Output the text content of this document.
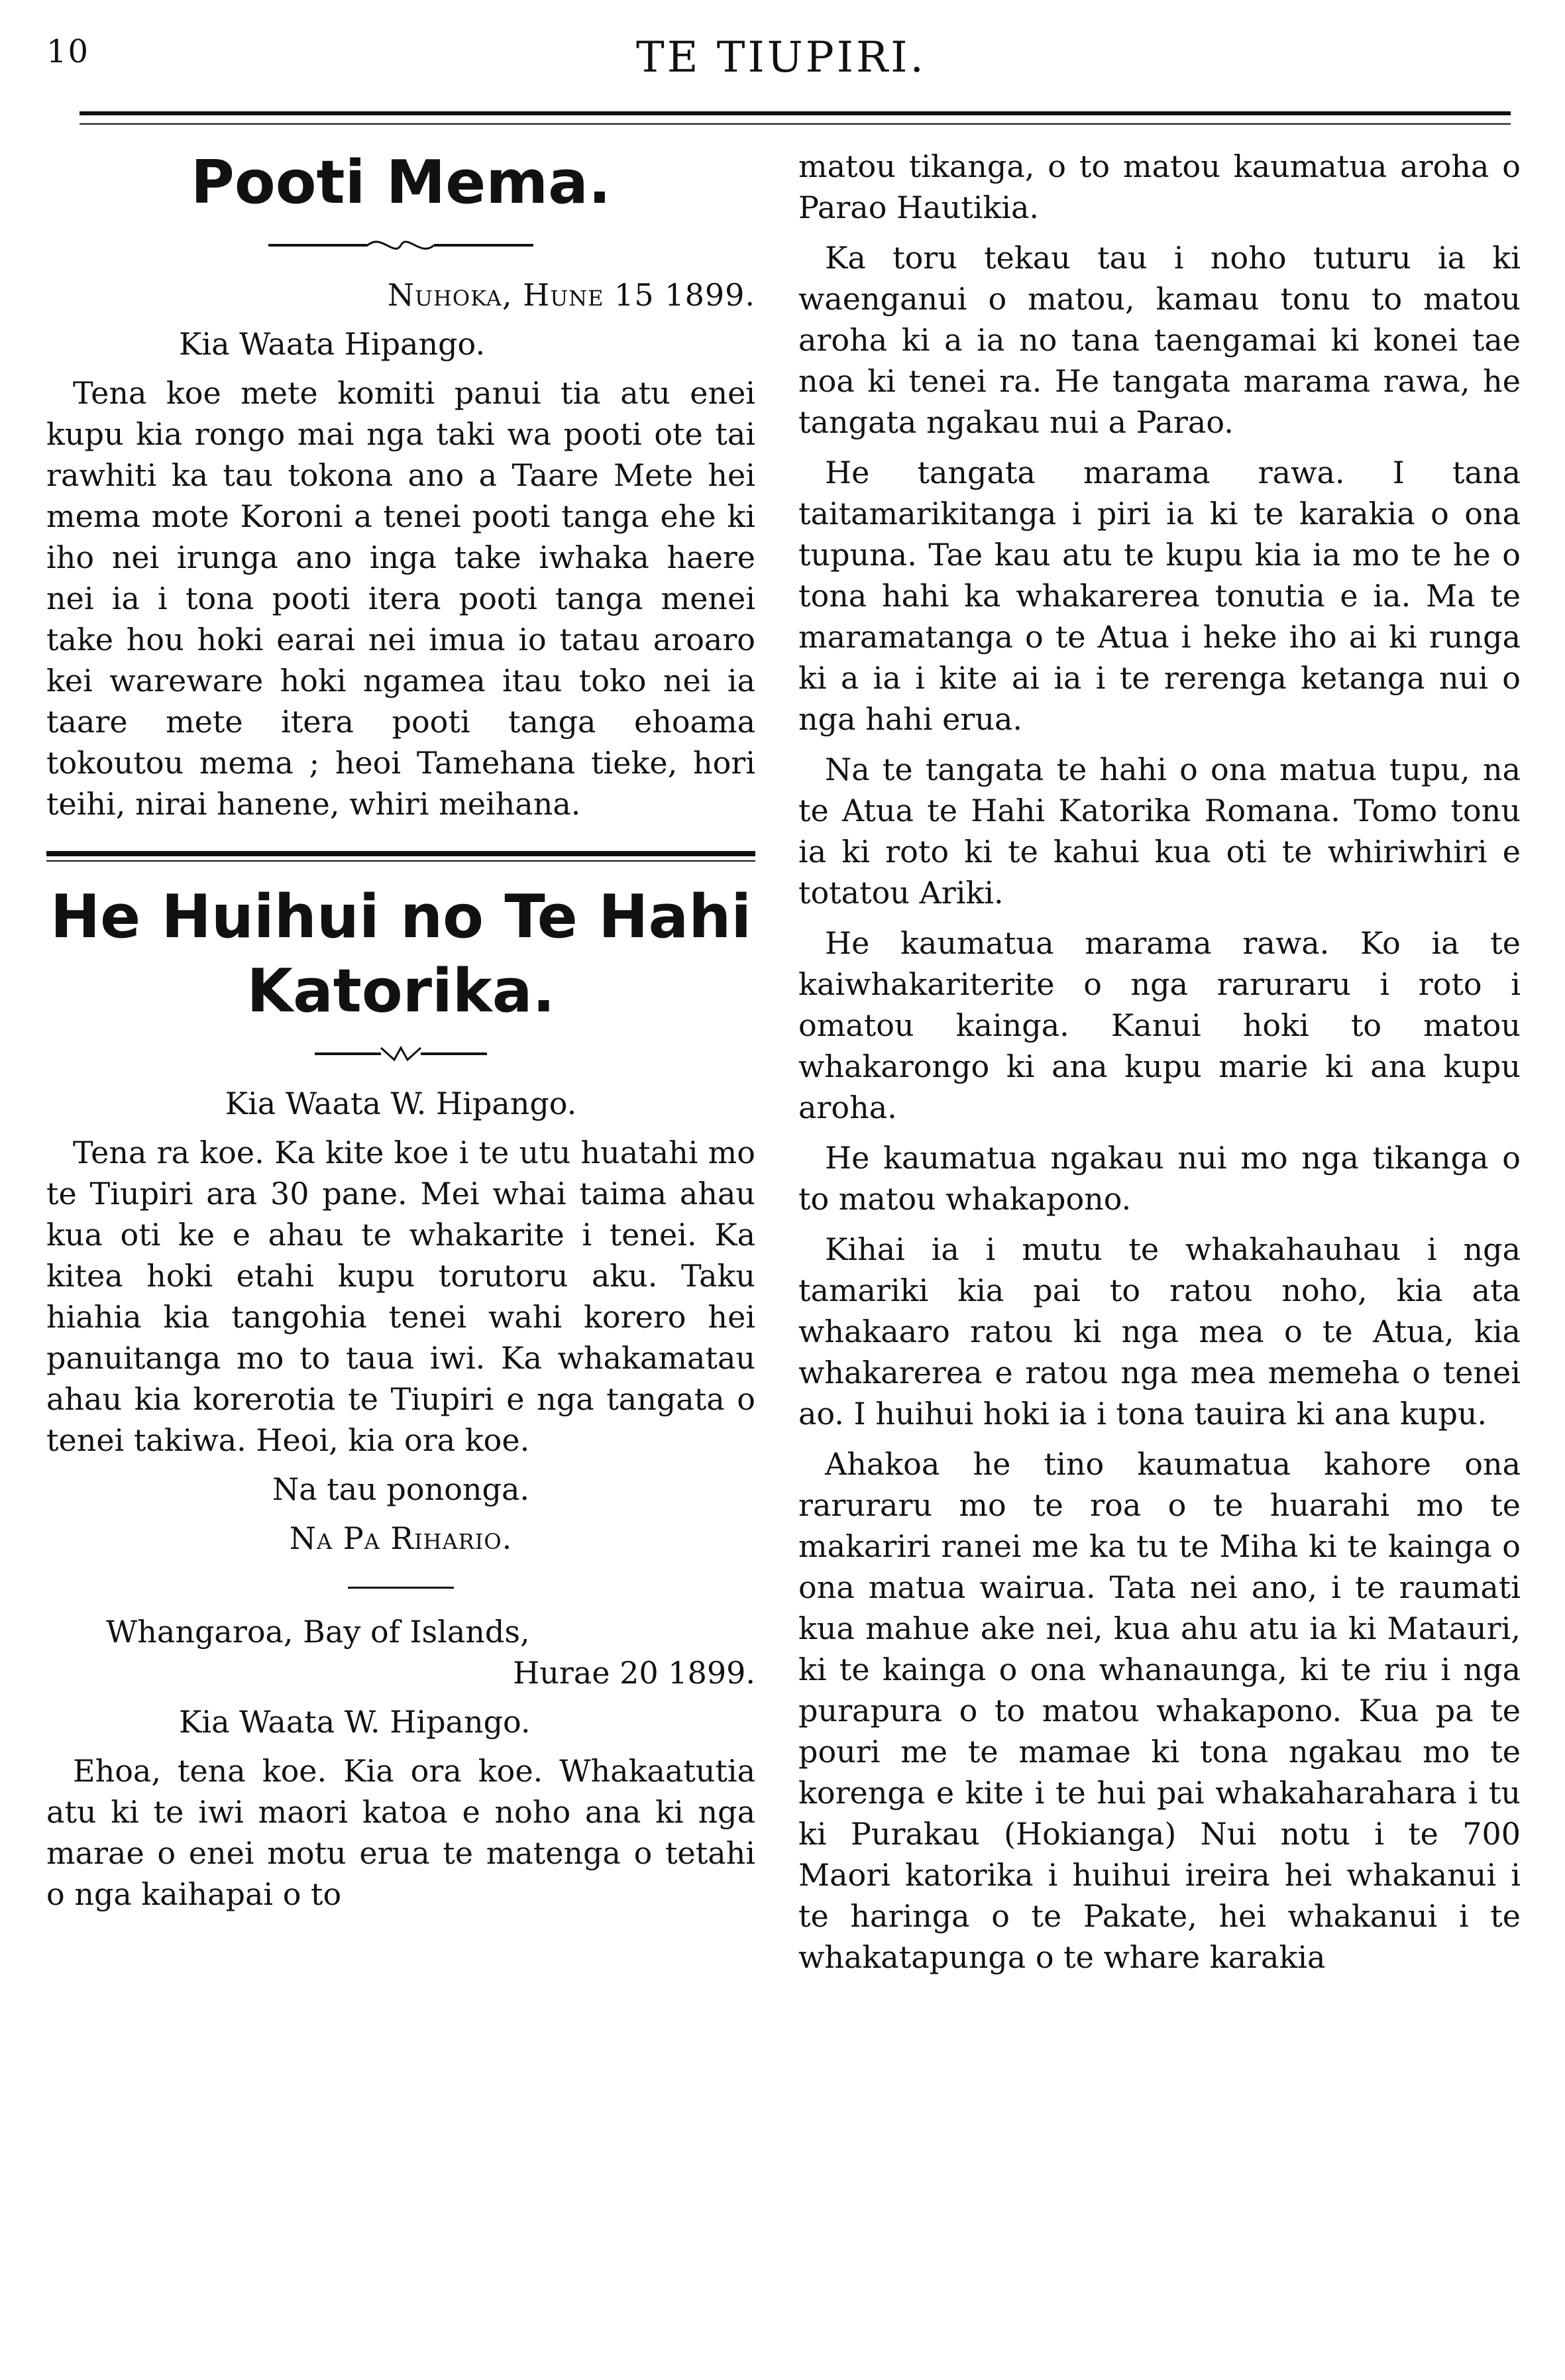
10	TE TIUPIRI.
Pooti Mema.

Nuhoka, Hune 15 1899.

Kia Waata Hipango.

Tena koe mete komiti panui tia atu enei kupu kia rongo mai nga taki wa pooti ote tai rawhiti ka tau tokona ano a Taare Mete hei mema mote Koroni a tenei pooti tanga ehe ki iho nei irunga ano inga take iwhaka haere nei ia i tona pooti itera pooti tanga menei take hou hoki earai nei imua io tatau aroaro kei wareware hoki ngamea itau toko nei ia taare mete itera pooti tanga ehoama tokoutou mema ; heoi Tamehana tieke, hori teihi, nirai hanene, whiri meihana.

He Huihui no Te Hahi
Katorika.

Kia Waata W. Hipango.

Tena ra koe. Ka kite koe i te utu huatahi mo te Tiupiri ara 30 pane. Mei whai taima ahau kua oti ke e ahau te whakarite i tenei. Ka kitea hoki etahi kupu torutoru aku. Taku hiahia kia tangohia tenei wahi korero hei panuitanga mo to taua iwi. Ka whakamatau ahau kia korerotia te Tiupiri e nga tangata o tenei takiwa. Heoi, kia ora koe.

Na tau pononga.

Na Pa Rihario.

Whangaroa, Bay of Islands,

Hurae 20 1899.

Kia Waata W. Hipango.

Ehoa, tena koe. Kia ora koe. Whakaatutia atu ki te iwi maori katoa e noho ana ki nga marae o enei motu erua te matenga o tetahi o nga kaihapai o to

matou tikanga, o to matou kaumatua aroha o Parao Hautikia.

Ka toru tekau tau i noho tuturu ia ki waenganui o matou, kamau tonu to matou aroha ki a ia no tana taengamai ki konei tae noa ki tenei ra. He tangata marama rawa, he tangata ngakau nui a Parao.

He tangata marama rawa. I tana taitamarikitanga i piri ia ki te karakia o ona tupuna. Tae kau atu te kupu kia ia mo te he o tona hahi ka whakarerea tonutia e ia. Ma te maramatanga o te Atua i heke iho ai ki runga ki a ia i kite ai ia i te rerenga ketanga nui o nga hahi erua.

Na te tangata te hahi o ona matua tupu, na te Atua te Hahi Katorika Romana. Tomo tonu ia ki roto ki te kahui kua oti te whiriwhiri e totatou Ariki.

He kaumatua marama rawa. Ko ia te kaiwhakariterite o nga raruraru i roto i omatou kainga. Kanui hoki to matou whakarongo ki ana kupu marie ki ana kupu aroha.

He kaumatua ngakau nui mo nga tikanga o to matou whakapono.

Kihai ia i mutu te whakahauhau i nga tamariki kia pai to ratou noho, kia ata whakaaro ratou ki nga mea o te Atua, kia whakarerea e ratou nga mea memeha o tenei ao. I huihui hoki ia i tona tauira ki ana kupu.

Ahakoa he tino kaumatua kahore ona raruraru mo te roa o te huarahi mo te makariri ranei me ka tu te Miha ki te kainga o ona matua wairua. Tata nei ano, i te raumati kua mahue ake nei, kua ahu atu ia ki Matauri, ki te kainga o ona whanaunga, ki te riu i nga purapura o to matou whakapono. Kua pa te pouri me te mamae ki tona ngakau mo te korenga e kite i te hui pai whakaharahara i tu ki Purakau (Hokianga) Nui notu i te 700 Maori katorika i huihui ireira hei whakanui i te haringa o te Pakate, hei whakanui i te whakatapunga o te whare karakia
